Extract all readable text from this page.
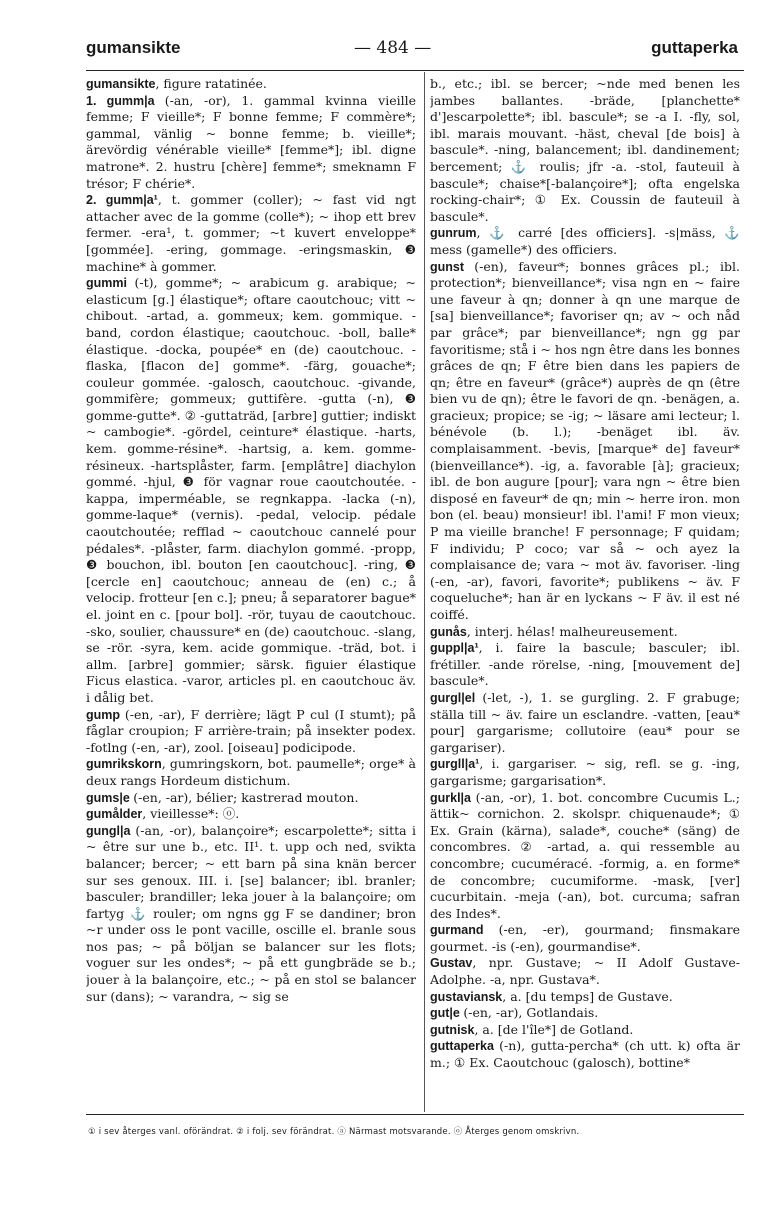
gumansikte	— 484 —	guttaperka

gumansikte, figure ratatinée.

1. gumm|a (-an, -or), 1. gammal kvinna vieille femme; F vieille*; F bonne femme; F commère*; gammal, vänlig ~ bonne femme; b. vieille*; ärevördig vénérable vieille* [femme*]; ibl. digne matrone*. 2. hustru [chère] femme*; smeknamn F trésor; F chérie*.

2. gumm|a¹, t. gommer (coller); ~ fast vid ngt attacher avec de la gomme (colle*); ~ ihop ett brev fermer. -era¹, t. gommer; ~t kuvert enveloppe* [gommée]. -ering, gommage. -eringsmaskin, ❸ machine* à gommer.

gummi (-t), gomme*; ~ arabicum g. arabique; ~ elasticum [g.] élastique*; oftare caoutchouc; vitt ~ chibout. -artad, a. gommeux; kem. gommique. -band, cordon élastique; caoutchouc. -boll, balle* élastique. -docka, poupée* en (de) caoutchouc. -flaska, [flacon de] gomme*. -färg, gouache*; couleur gommée. -galosch, caoutchouc. -givande, gommifère; gommeux; guttifère. -gutta (-n), ❸ gomme-gutte*. ② -guttaträd, [arbre] guttier; indiskt ~ cambogie*. -gördel, ceinture* élastique. -harts, kem. gomme-résine*. -hartsig, a. kem. gomme-résineux. -hartsplåster, farm. [emplâtre] diachylon gommé. -hjul, ❸ för vagnar roue caoutchoutée. -kappa, imperméable, se regnkappa. -lacka (-n), gomme-laque* (vernis). -pedal, velocip. pédale caoutchoutée; refflad ~ caoutchouc cannelé pour pédales*. -plåster, farm. diachylon gommé. -propp, ❸ bouchon, ibl. bouton [en caoutchouc]. -ring, ❸ [cercle en] caoutchouc; anneau de (en) c.; å velocip. frotteur [en c.]; pneu; å separatorer bague* el. joint en c. [pour bol]. -rör, tuyau de caoutchouc. -sko, soulier, chaussure* en (de) caoutchouc. -slang, se -rör. -syra, kem. acide gommique. -träd, bot. i allm. [arbre] gommier; särsk. figuier élastique Ficus elastica. -varor, articles pl. en caoutchouc äv. i dålig bet.

gump (-en, -ar), F derrière; lägt P cul (I stumt); på fåglar croupion; F arrière-train; på insekter podex. -fotlng (-en, -ar), zool. [oiseau] podicipode.

gumrikskorn, gumringskorn, bot. paumelle*; orge* à deux rangs Hordeum distichum.

gums|e (-en, -ar), bélier; kastrerad mouton.

gumålder, vieillesse*: ⓞ.

gungl|a (-an, -or), balançoire*; escarpolette*; sitta i ~ être sur une b., etc. II¹. t. upp och ned, svikta balancer; bercer; ~ ett barn på sina knän bercer sur ses genoux. III. i. [se] balancer; ibl. branler; basculer; brandiller; leka jouer à la balançoire; om fartyg ⚓ rouler; om ngns gg F se dandiner; bron ~r under oss le pont vacille, oscille el. branle sous nos pas; ~ på böljan se balancer sur les flots; voguer sur les ondes*; ~ på ett gungbräde se b.; jouer à la balançoire, etc.; ~ på en stol se balancer sur (dans); ~ varandra, ~ sig se

b., etc.; ibl. se bercer; ~nde med benen les jambes ballantes. -bräde, [planchette* d']escarpolette*; ibl. bascule*; se -a I. -fly, sol, ibl. marais mouvant. -häst, cheval [de bois] à bascule*. -ning, balancement; ibl. dandinement; bercement; ⚓ roulis; jfr -a. -stol, fauteuil à bascule*; chaise*[-balançoire*]; ofta engelska rocking-chair*; ① Ex. Coussin de fauteuil à bascule*.

gunrum, ⚓ carré [des officiers]. -s|mäss, ⚓ mess (gamelle*) des officiers.

gunst (-en), faveur*; bonnes grâces pl.; ibl. protection*; bienveillance*; visa ngn en ~ faire une faveur à qn; donner à qn une marque de [sa] bienveillance*; favoriser qn; av ~ och nåd par grâce*; par bienveillance*; ngn gg par favoritisme; stå i ~ hos ngn être dans les bonnes grâces de qn; F être bien dans les papiers de qn; être en faveur* (grâce*) auprès de qn (être bien vu de qn); être le favori de qn. -benägen, a. gracieux; propice; se -ig; ~ läsare ami lecteur; l. bénévole (b. l.); -benäget ibl. äv. complaisamment. -bevis, [marque* de] faveur* (bienveillance*). -ig, a. favorable [à]; gracieux; ibl. de bon augure [pour]; vara ngn ~ être bien disposé en faveur* de qn; min ~ herre iron. mon bon (el. beau) monsieur! ibl. l'ami! F mon vieux; P ma vieille branche! F personnage; F quidam; F individu; P coco; var så ~ och ayez la complaisance de; vara ~ mot äv. favoriser. -ling (-en, -ar), favori, favorite*; publikens ~ äv. F coqueluche*; han är en lyckans ~ F äv. il est né coiffé.

gunås, interj. hélas! malheureusement.

guppl|a¹, i. faire la bascule; basculer; ibl. frétiller. -ande rörelse, -ning, [mouvement de] bascule*.

gurgl|el (-let, -), 1. se gurgling. 2. F grabuge; ställa till ~ äv. faire un esclandre. -vatten, [eau* pour] gargarisme; collutoire (eau* pour se gargariser).

gurgll|a¹, i. gargariser. ~ sig, refl. se g. -ing, gargarisme; gargarisation*.

gurkl|a (-an, -or), 1. bot. concombre Cucumis L.; ättik~ cornichon. 2. skolspr. chiquenaude*; ① Ex. Grain (kärna), salade*, couche* (säng) de concombres. ② -artad, a. qui ressemble au concombre; cucuméracé. -formig, a. en forme* de concombre; cucumiforme. -mask, [ver] cucurbitain. -meja (-an), bot. curcuma; safran des Indes*.

gurmand (-en, -er), gourmand; finsmakare gourmet. -is (-en), gourmandise*.

Gustav, npr. Gustave; ~ II Adolf Gustave-Adolphe. -a, npr. Gustava*.

gustaviansk, a. [du temps] de Gustave.

gut|e (-en, -ar), Gotlandais.

gutnisk, a. [de l'île*] de Gotland.

guttaperka (-n), gutta-percha* (ch utt. k) ofta är m.; ① Ex. Caoutchouc (galosch), bottine*

① i sev återges vanl. oförändrat. ② i folj. sev förändrat. ⓐ Närmast motsvarande. ⓞ Återges genom omskrivn.
